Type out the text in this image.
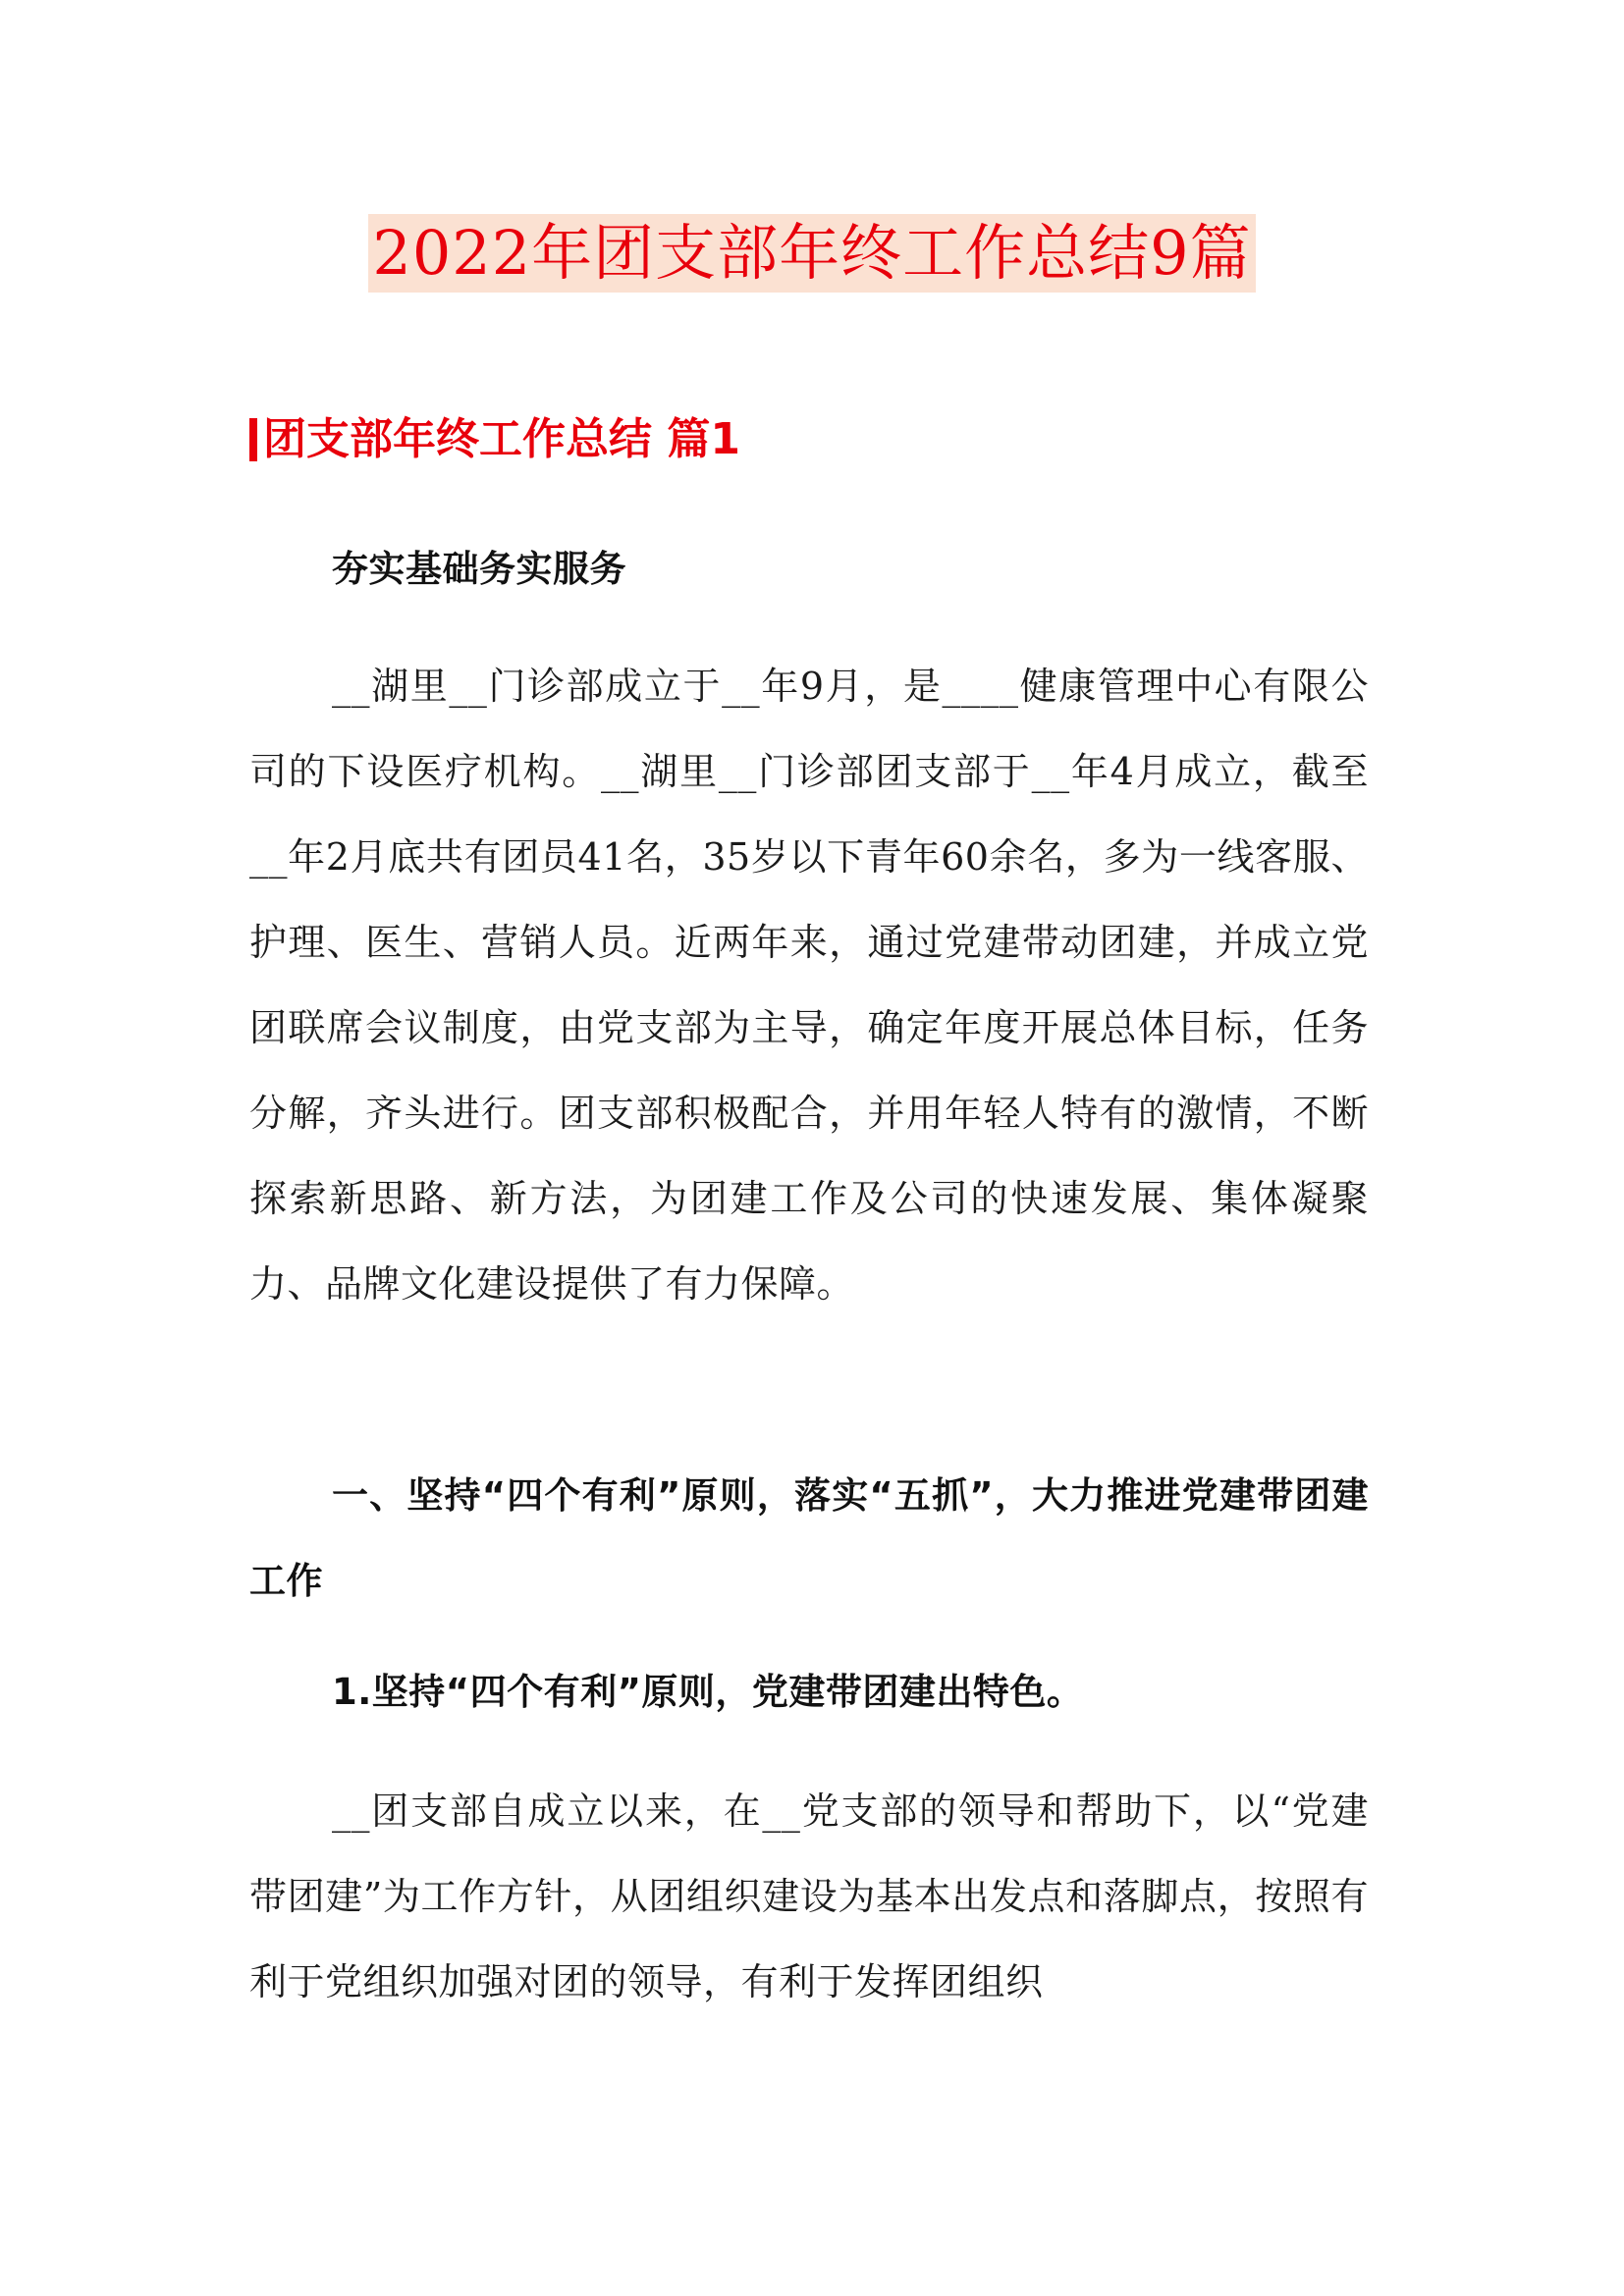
2022年团支部年终工作总结9篇
团支部年终工作总结 篇1

夯实基础务实服务

__湖里__门诊部成立于__年9月，是____健康管理中心有限公司的下设医疗机构。__湖里__门诊部团支部于__年4月成立，截至__年2月底共有团员41名，35岁以下青年60余名，多为一线客服、护理、医生、营销人员。近两年来，通过党建带动团建，并成立党团联席会议制度，由党支部为主导，确定年度开展总体目标，任务分解，齐头进行。团支部积极配合，并用年轻人特有的激情，不断探索新思路、新方法，为团建工作及公司的快速发展、集体凝聚力、品牌文化建设提供了有力保障。

一、坚持“四个有利”原则，落实“五抓”，大力推进党建带团建工作

1.坚持“四个有利”原则，党建带团建出特色。

__团支部自成立以来，在__党支部的领导和帮助下，以“党建带团建”为工作方针，从团组织建设为基本出发点和落脚点，按照有利于党组织加强对团的领导，有利于发挥团组织
